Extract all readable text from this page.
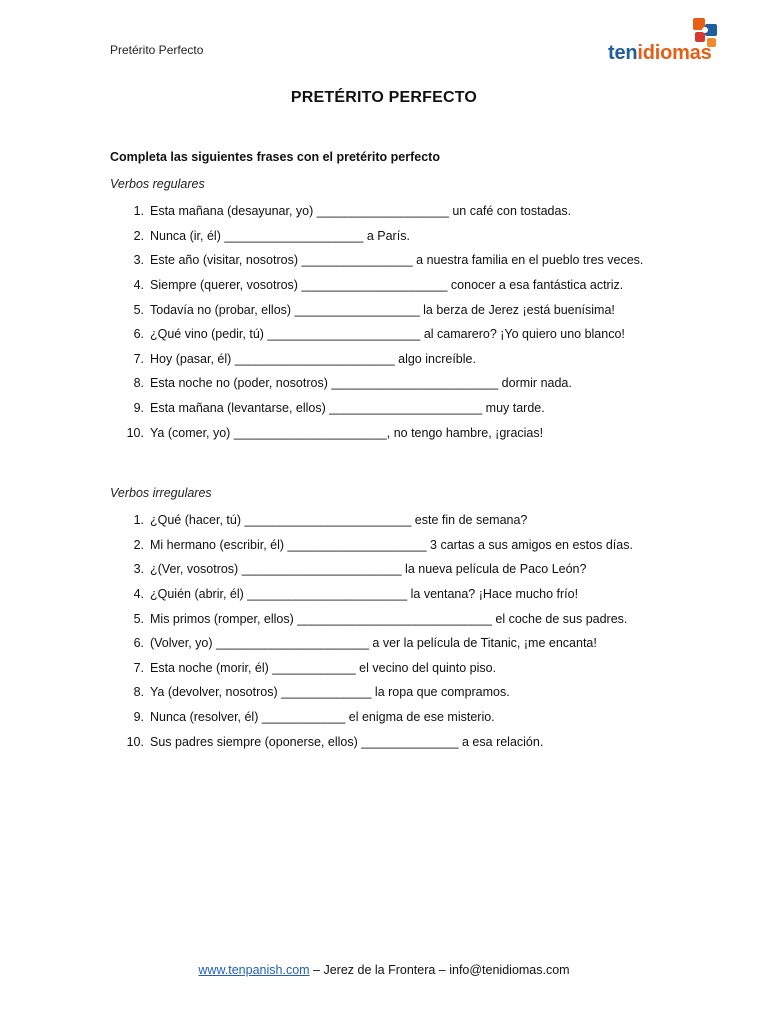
Pretérito Perfecto	tenidiomas
PRETÉRITO PERFECTO
Completa las siguientes frases con el pretérito perfecto
Verbos regulares
1. Esta mañana (desayunar, yo) ___________________ un café con tostadas.
2. Nunca (ir, él) ____________________ a París.
3. Este año (visitar, nosotros) ________________ a nuestra familia en el pueblo tres veces.
4. Siempre (querer, vosotros) _____________________ conocer a esa fantástica actriz.
5. Todavía no (probar, ellos) __________________ la berza de Jerez ¡está buenísima!
6. ¿Qué vino (pedir, tú) ______________________ al camarero? ¡Yo quiero uno blanco!
7. Hoy (pasar, él) _______________________ algo increíble.
8. Esta noche no (poder, nosotros) ________________________ dormir nada.
9. Esta mañana (levantarse, ellos) ______________________ muy tarde.
10. Ya (comer, yo) ______________________, no tengo hambre, ¡gracias!
Verbos irregulares
1. ¿Qué (hacer, tú) ________________________ este fin de semana?
2. Mi hermano (escribir, él) ____________________ 3 cartas a sus amigos en estos días.
3. ¿(Ver, vosotros) _______________________ la nueva película de Paco León?
4. ¿Quién (abrir, él) _______________________ la ventana? ¡Hace mucho frío!
5. Mis primos (romper, ellos) ____________________________ el coche de sus padres.
6. (Volver, yo) ______________________ a ver la película de Titanic, ¡me encanta!
7. Esta noche (morir, él) ____________ el vecino del quinto piso.
8. Ya (devolver, nosotros) _____________ la ropa que compramos.
9. Nunca (resolver, él) ____________ el enigma de ese misterio.
10. Sus padres siempre (oponerse, ellos) ______________ a esa relación.
www.tenpanish.com – Jerez de la Frontera – info@tenidiomas.com
